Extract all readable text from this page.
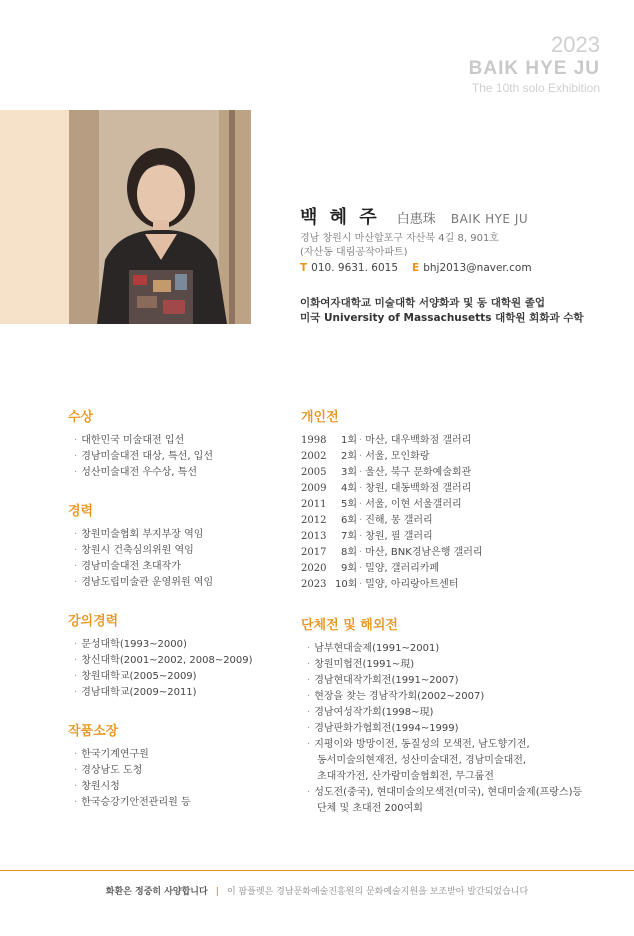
2023
BAIK HYE JU
The 10th solo Exhibition
백 혜 주 白惠珠 BAIK HYE JU
경남 창원시 마산합포구 자산북 4길 8, 901호
(자산동 대림공작아파트)
T 010. 9631. 6015 E bhj2013@naver.com
이화여자대학교 미술대학 서양화과 및 동 대학원 졸업
미국 University of Massachusetts 대학원 회화과 수학
수상
· 대한민국 미술대전 입선
· 경남미술대전 대상, 특선, 입선
· 성산미술대전 우수상, 특선
경력
· 창원미술협회 부지부장 역임
· 창원시 건축심의위원 역임
· 경남미술대전 초대작가
· 경남도립미술관 운영위원 역임
강의경력
· 문성대학(1993~2000)
· 창신대학(2001~2002, 2008~2009)
· 창원대학교(2005~2009)
· 경남대학교(2009~2011)
작품소장
· 한국기계연구원
· 경상남도 도청
· 창원시청
· 한국승강기안전관리원 등
개인전
1998 1회 · 마산, 대우백화점 갤러리
2002 2회 · 서울, 모인화랑
2005 3회 · 울산, 북구 문화예술회관
2009 4회 · 창원, 대동백화점 갤러리
2011 5회 · 서울, 이현 서울갤러리
2012 6회 · 진해, 몽 갤러리
2013 7회 · 창원, 필 갤러리
2017 8회 · 마산, BNK경남은행 갤러리
2020 9회 · 밀양, 갤러리카페
2023 10회 · 밀양, 아리랑아트센터
단체전 및 해외전
· 남부현대술제(1991~2001)
· 창원미협전(1991~現)
· 경남현대작가회전(1991~2007)
· 현장을 찾는 경남작가회(2002~2007)
· 경남여성작가회(1998~現)
· 경남판화가협회전(1994~1999)
· 지평이와 방망이전, 동질성의 모색전, 남도향기전,
동서미술의현재전, 성산미술대전, 경남미술대전,
초대작가전, 산가람미술협회전, 무그룹전
· 성도전(중국), 현대미술의모색전(미국), 현대미술제(프랑스)등
단체 및 초대전 200여회
화환은 정중히 사양합니다 | 이 팜플렛은 경남문화예술진흥원의 문화예술지원을 보조받아 발간되었습니다
